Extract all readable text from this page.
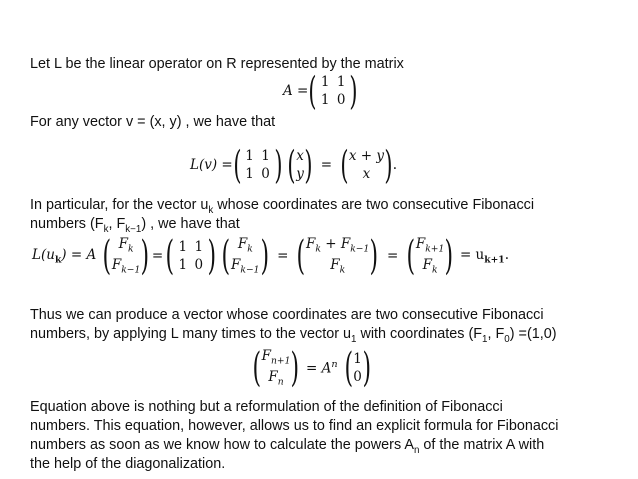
Let L be the linear operator on R represented by the matrix
For any vector v = (x, y) , we have that
In particular, for the vector $u_k$ whose coordinates are two consecutive Fibonacci
numbers ($F_k$, $F_{k-1}$) , we have that
Thus we can produce a vector whose coordinates are two consecutive Fibonacci
numbers, by applying L many times to the vector $u_1$ with coordinates ($F_1$, $F_0) =(1,0)$
Equation above is nothing but a reformulation of the definition of Fibonacci
numbers. This equation, however, allows us to find an explicit formula for Fibonacci
numbers as soon as we know how to calculate the powers $A_n$ of the matrix A with
the help of the diagonalization.
A = ( 1 1
1 0 )
L(v) = ( 1 1
1 0 ) ( x
y ) = ( x + y
x ) .
$L(u_k) = A$ ( $F_k$
$F_{k-1}$ ) = ( 1 1
1 0 ) ( $F_k$
$F_{k-1}$ ) = ( $F_k + F_{k-1}$
$F_k$ ) = ( $F_{k+1}$
$F_k$ ) = $u_{k+1}$.
( $F_{n+1}$
$F_n$ ) = $A^n$ ( 1
0 )
